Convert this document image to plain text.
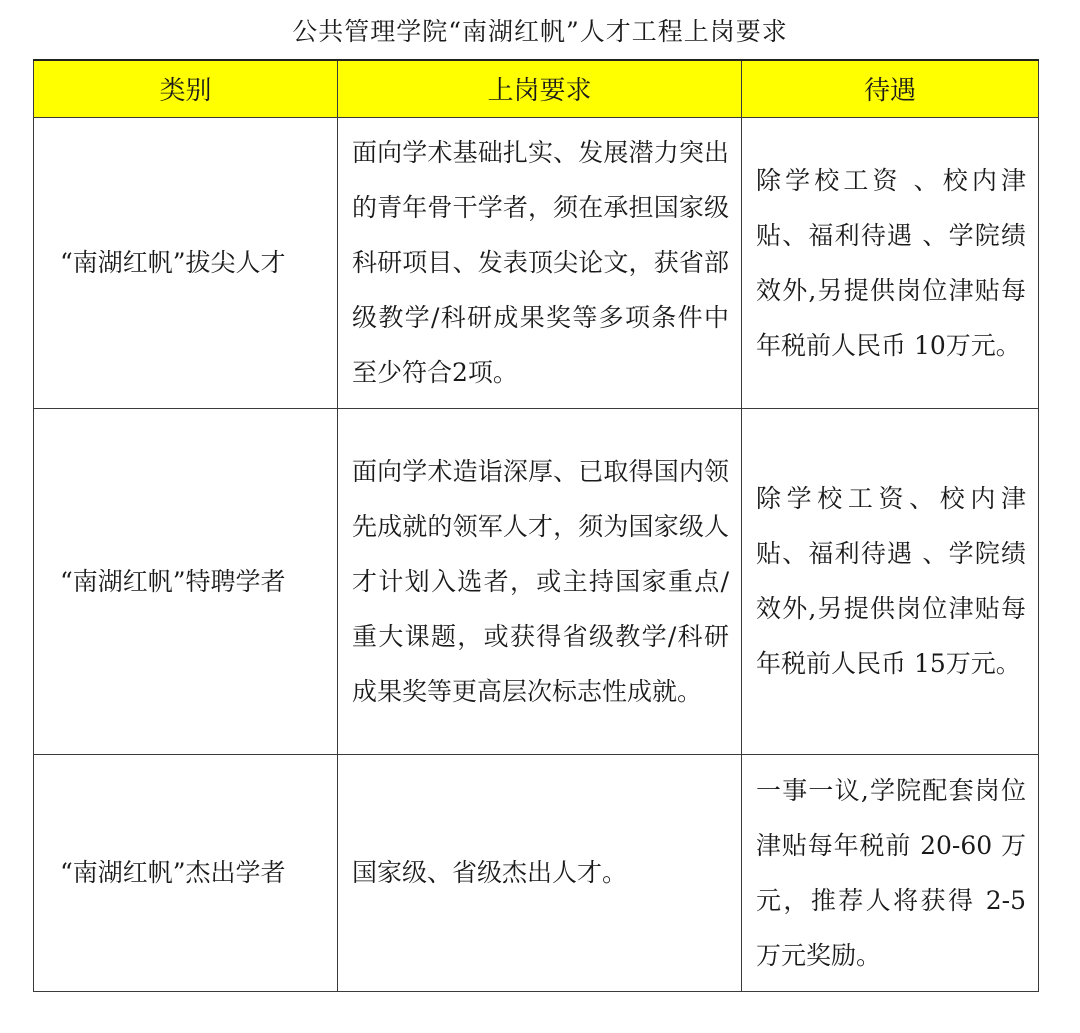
公共管理学院“南湖红帆”人才工程上岗要求
类别	上岗要求	待遇
“南湖红帆”拔尖人才	面向学术基础扎实、发展潜力突出的青年骨干学者，须在承担国家级科研项目、发表顶尖论文，获省部级教学/科研成果奖等多项条件中至少符合2项。	除学校工资 、校内津贴、福利待遇 、学院绩效外,另提供岗位津贴每年税前人民币 10万元。
“南湖红帆”特聘学者	面向学术造诣深厚、已取得国内领先成就的领军人才，须为国家级人才计划入选者，或主持国家重点/重大课题，或获得省级教学/科研成果奖等更高层次标志性成就。	除学校工资、校内津贴、福利待遇 、学院绩效外,另提供岗位津贴每年税前人民币 15万元。
“南湖红帆”杰出学者	国家级、省级杰出人才。	一事一议,学院配套岗位津贴每年税前 20-60 万元，推荐人将获得 2-5 万元奖励。
